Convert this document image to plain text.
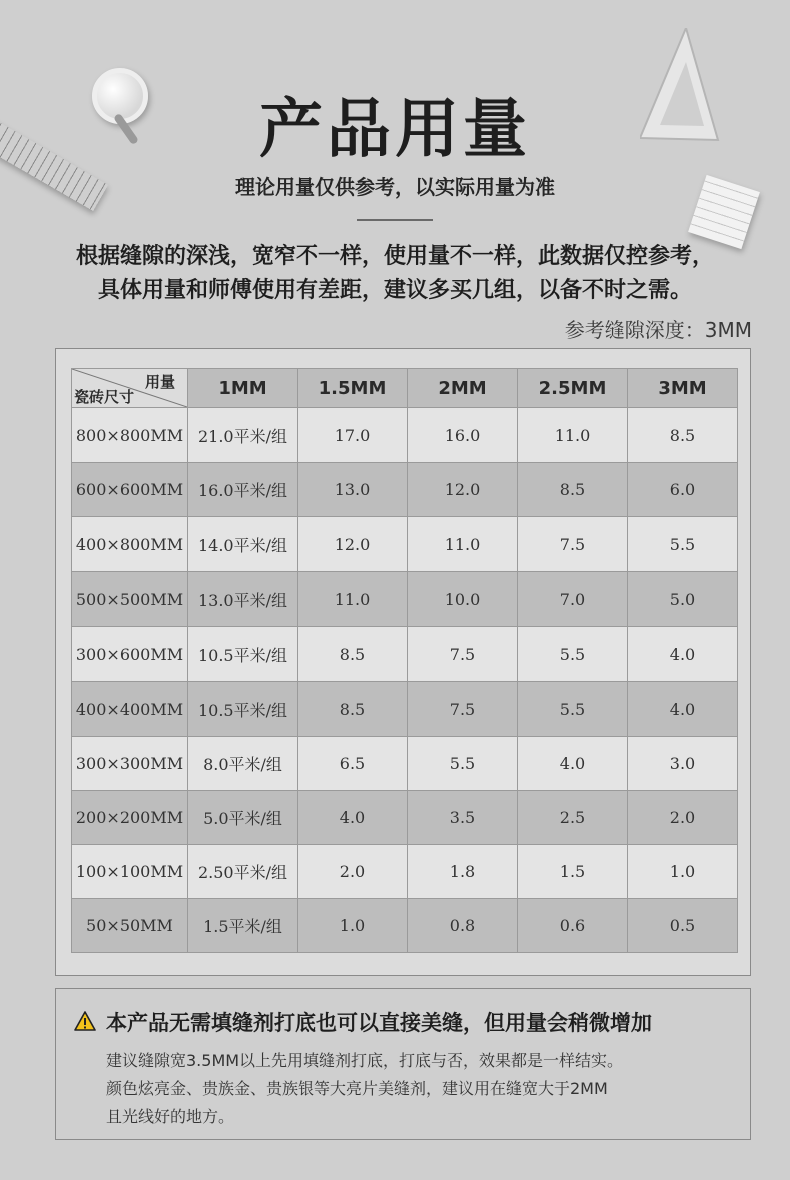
产品用量
理论用量仅供参考，以实际用量为准
根据缝隙的深浅，宽窄不一样，使用量不一样，此数据仅控参考，
具体用量和师傅使用有差距，建议多买几组，以备不时之需。
参考缝隙深度：3MM
用量
瓷砖尺寸	1MM	1.5MM	2MM	2.5MM	3MM
800×800MM	21.0平米/组	17.0	16.0	11.0	8.5
600×600MM	16.0平米/组	13.0	12.0	8.5	6.0
400×800MM	14.0平米/组	12.0	11.0	7.5	5.5
500×500MM	13.0平米/组	11.0	10.0	7.0	5.0
300×600MM	10.5平米/组	8.5	7.5	5.5	4.0
400×400MM	10.5平米/组	8.5	7.5	5.5	4.0
300×300MM	8.0平米/组	6.5	5.5	4.0	3.0
200×200MM	5.0平米/组	4.0	3.5	2.5	2.0
100×100MM	2.50平米/组	2.0	1.8	1.5	1.0
50×50MM	1.5平米/组	1.0	0.8	0.6	0.5
本产品无需填缝剂打底也可以直接美缝，但用量会稍微增加
建议缝隙宽3.5MM以上先用填缝剂打底，打底与否，效果都是一样结实。
颜色炫亮金、贵族金、贵族银等大亮片美缝剂，建议用在缝宽大于2MM
且光线好的地方。
